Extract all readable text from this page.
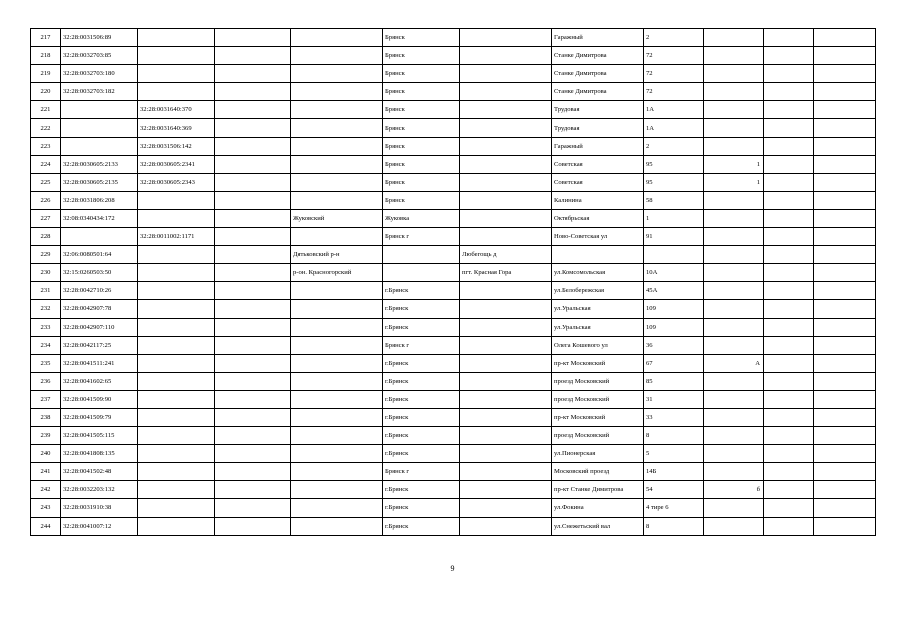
217	32:28:0031506:89				Брянск		Гаражный	2			
218	32:28:0032703:85				Брянск		Станке Димитрова	72			
219	32:28:0032703:180				Брянск		Станке Димитрова	72			
220	32:28:0032703:182				Брянск		Станке Димитрова	72			
221		32:28:0031640:370			Брянск		Трудовая	1А			
222		32:28:0031640:369			Брянск		Трудовая	1А			
223		32:28:0031506:142			Брянск		Гаражный	2			
224	32:28:0030605:2133	32:28:0030605:2341			Брянск		Советская	95	1		
225	32:28:0030605:2135	32:28:0030605:2343			Брянск		Советская	95	1		
226	32:28:0031806:208				Брянск		Калинина	58			
227	32:08:0340434:172			Жуковский	Жуковка		Октябрьская	1			
228		32:28:0011002:1171			Брянск г		Ново-Советская ул	91			
229	32:06:0080501:64			Дятьковский р-н		Любегощь д					
230	32:15:0260503:50			р-он. Красногорский		пгт. Красная Гора	ул.Комсомольская	10А			
231	32:28:0042710:26				г.Брянск		ул.Белобережская	45А			
232	32:28:0042907:78				г.Брянск		ул.Уральская	109			
233	32:28:0042907:110				г.Брянск		ул.Уральская	109			
234	32:28:0042117:25				Брянск г		Олега Кошевого ул	36			
235	32:28:0041511:241				г.Брянск		пр-кт Московский	67	А		
236	32:28:0041602:65				г.Брянск		проезд Московский	85			
237	32:28:0041509:90				г.Брянск		проезд Московский	31			
238	32:28:0041509:79				г.Брянск		пр-кт Московский	33			
239	32:28:0041505:115				г.Брянск		проезд Московский	8			
240	32:28:0041808:135				г.Брянск		ул.Пионерская	5			
241	32:28:0041502:48				Брянск г		Московский проезд	14Б			
242	32:28:0032203:132				г.Брянск		пр-кт Станке Димитрова	54	б		
243	32:28:0031910:38				г.Брянск		ул.Фокина	4 тире 6			
244	32:28:0041007:12				г.Брянск		ул.Снежетьский вал	8			
9
